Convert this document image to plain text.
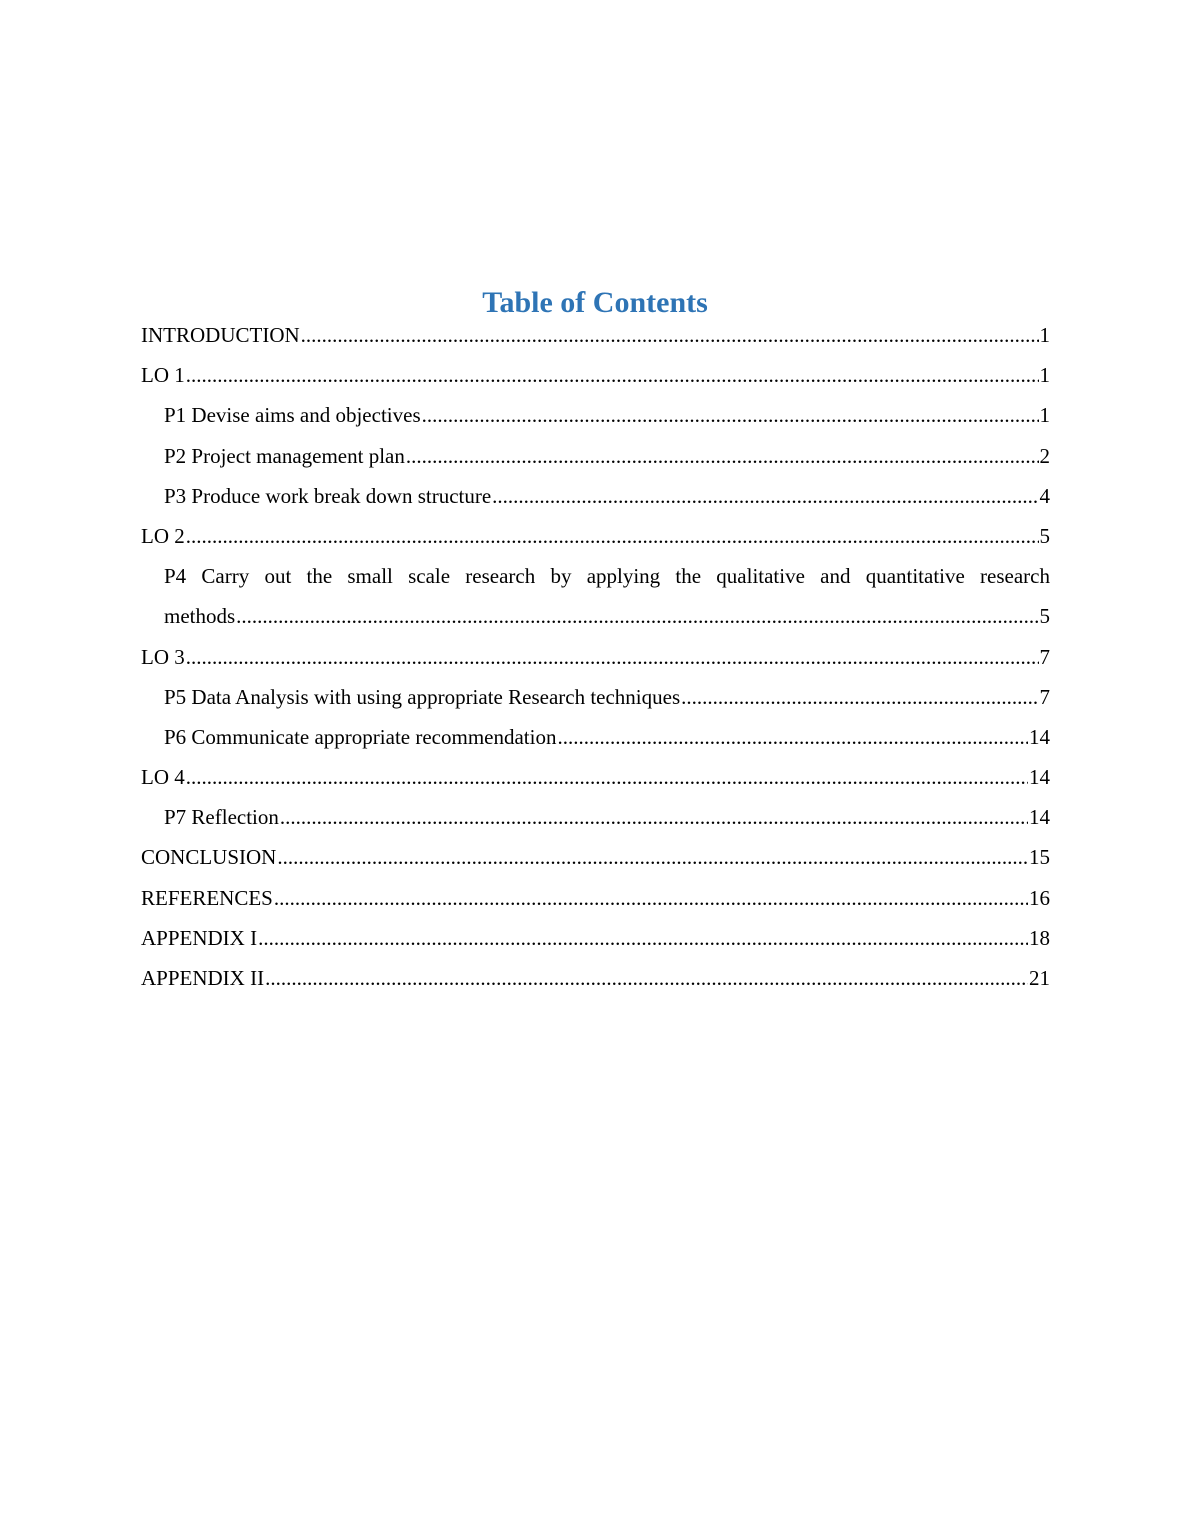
Table of Contents
INTRODUCTION .....	1
LO 1 .....	1
P1 Devise aims and objectives .....	1
P2 Project management plan .....	2
P3 Produce work break down structure .....	4
LO 2 .....	5
P4 Carry out the small scale research by applying the qualitative and quantitative research
methods .....	5
LO 3 .....	7
P5 Data Analysis with using appropriate Research techniques .....	7
P6 Communicate appropriate recommendation .....	14
LO 4 .....	14
P7 Reflection .....	14
CONCLUSION .....	15
REFERENCES .....	16
APPENDIX I .....	18
APPENDIX II .....	21
